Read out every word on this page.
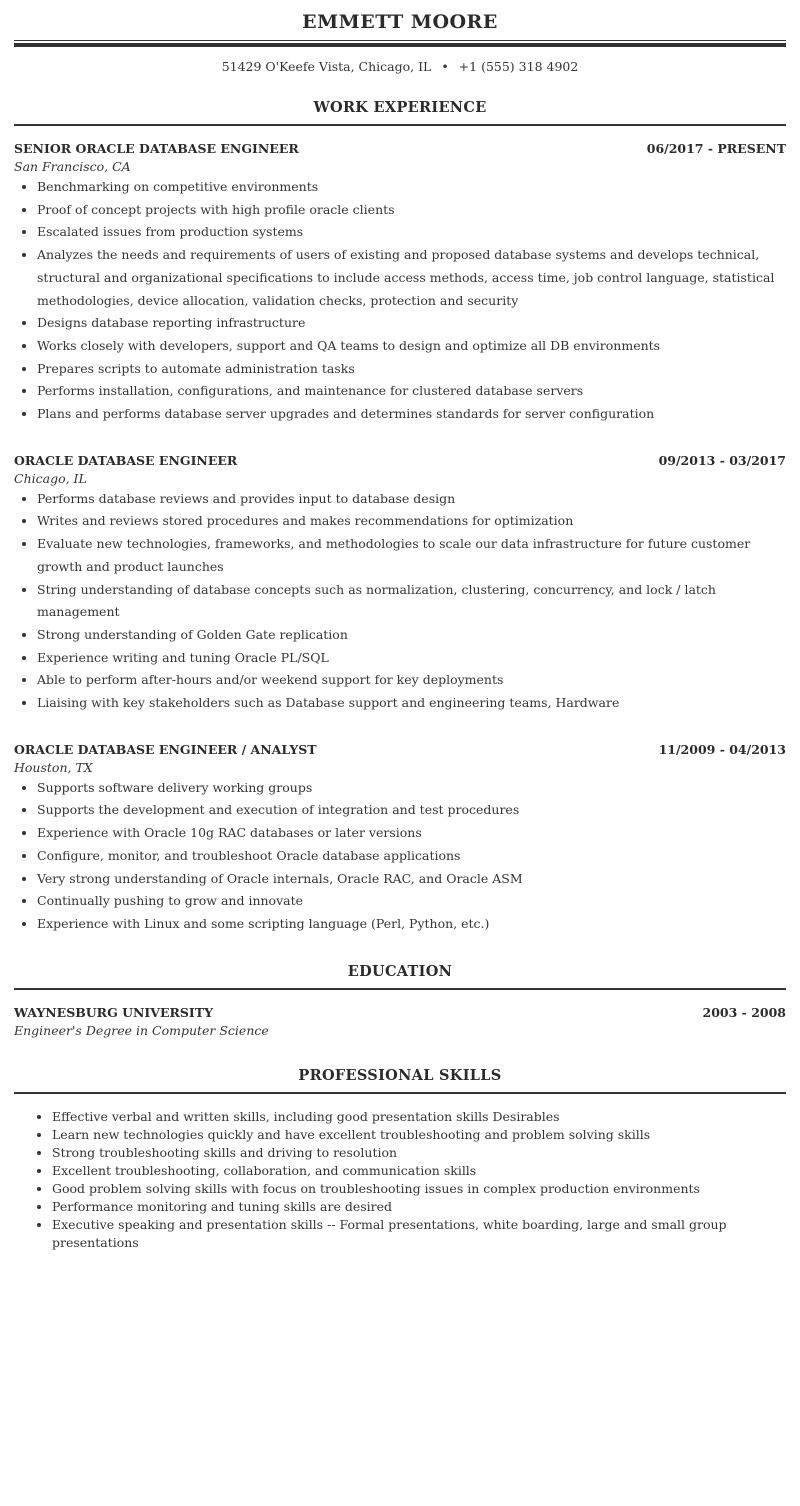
EMMETT MOORE
51429 O'Keefe Vista, Chicago, IL • +1 (555) 318 4902
WORK EXPERIENCE
SENIOR ORACLE DATABASE ENGINEER	06/2017 - PRESENT
San Francisco, CA
• Benchmarking on competitive environments
• Proof of concept projects with high profile oracle clients
• Escalated issues from production systems
• Analyzes the needs and requirements of users of existing and proposed database systems and develops technical, structural and organizational specifications to include access methods, access time, job control language, statistical methodologies, device allocation, validation checks, protection and security
• Designs database reporting infrastructure
• Works closely with developers, support and QA teams to design and optimize all DB environments
• Prepares scripts to automate administration tasks
• Performs installation, configurations, and maintenance for clustered database servers
• Plans and performs database server upgrades and determines standards for server configuration
ORACLE DATABASE ENGINEER	09/2013 - 03/2017
Chicago, IL
• Performs database reviews and provides input to database design
• Writes and reviews stored procedures and makes recommendations for optimization
• Evaluate new technologies, frameworks, and methodologies to scale our data infrastructure for future customer growth and product launches
• String understanding of database concepts such as normalization, clustering, concurrency, and lock / latch management
• Strong understanding of Golden Gate replication
• Experience writing and tuning Oracle PL/SQL
• Able to perform after-hours and/or weekend support for key deployments
• Liaising with key stakeholders such as Database support and engineering teams, Hardware
ORACLE DATABASE ENGINEER / ANALYST	11/2009 - 04/2013
Houston, TX
• Supports software delivery working groups
• Supports the development and execution of integration and test procedures
• Experience with Oracle 10g RAC databases or later versions
• Configure, monitor, and troubleshoot Oracle database applications
• Very strong understanding of Oracle internals, Oracle RAC, and Oracle ASM
• Continually pushing to grow and innovate
• Experience with Linux and some scripting language (Perl, Python, etc.)
EDUCATION
WAYNESBURG UNIVERSITY	2003 - 2008
Engineer's Degree in Computer Science
PROFESSIONAL SKILLS
• Effective verbal and written skills, including good presentation skills Desirables
• Learn new technologies quickly and have excellent troubleshooting and problem solving skills
• Strong troubleshooting skills and driving to resolution
• Excellent troubleshooting, collaboration, and communication skills
• Good problem solving skills with focus on troubleshooting issues in complex production environments
• Performance monitoring and tuning skills are desired
• Executive speaking and presentation skills -- Formal presentations, white boarding, large and small group presentations
